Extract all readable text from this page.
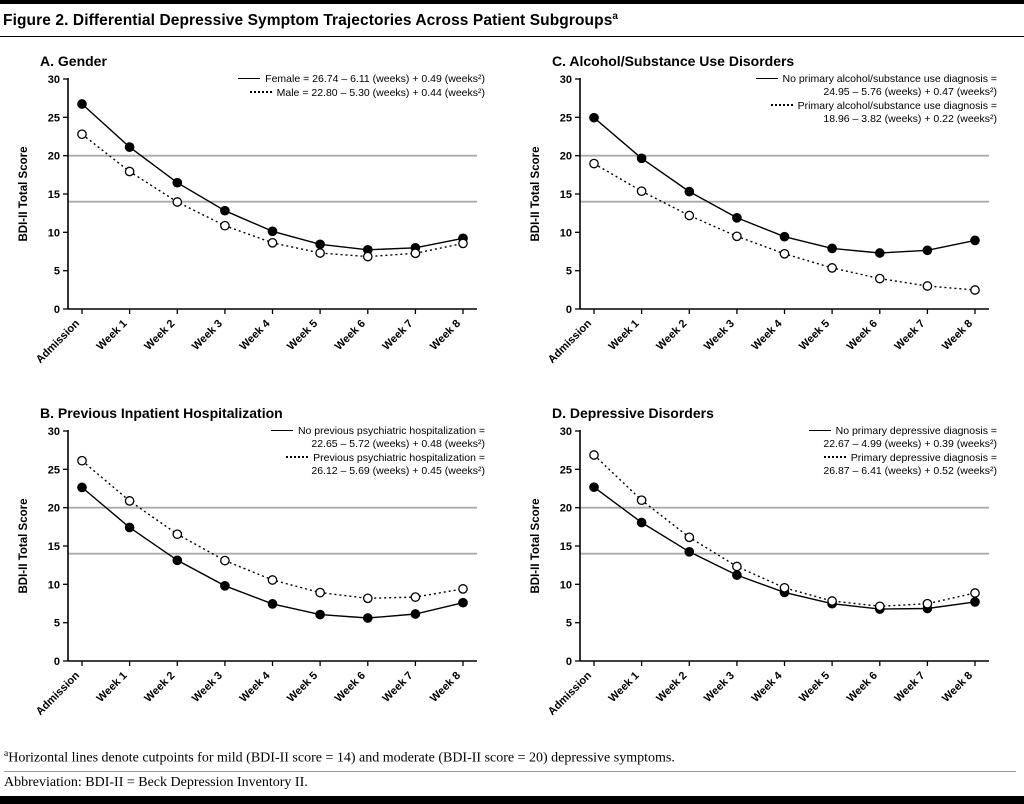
Figure 2. Differential Depressive Symptom Trajectories Across Patient Subgroups$^a$
A. Gender
0
5
10
15
20
25
30
Admission Week 1 Week 2 Week 3 Week 4 Week 5 Week 6 Week 7 Week 8
BDI-II Total Score
Female = 26.74 – 6.11 (weeks) + 0.49 (weeks²)
Male = 22.80 – 5.30 (weeks) + 0.44 (weeks²)
C. Alcohol/Substance Use Disorders
0
5
10
15
20
25
30
Admission Week 1 Week 2 Week 3 Week 4 Week 5 Week 6 Week 7 Week 8
BDI-II Total Score
No primary alcohol/substance use diagnosis =
24.95 – 5.76 (weeks) + 0.47 (weeks²)
Primary alcohol/substance use diagnosis =
18.96 – 3.82 (weeks) + 0.22 (weeks²)
B. Previous Inpatient Hospitalization
0
5
10
15
20
25
30
Admission Week 1 Week 2 Week 3 Week 4 Week 5 Week 6 Week 7 Week 8
BDI-II Total Score
No previous psychiatric hospitalization =
22.65 – 5.72 (weeks) + 0.48 (weeks²)
Previous psychiatric hospitalization =
26.12 – 5.69 (weeks) + 0.45 (weeks²)
D. Depressive Disorders
0
5
10
15
20
25
30
Admission Week 1 Week 2 Week 3 Week 4 Week 5 Week 6 Week 7 Week 8
BDI-II Total Score
No primary depressive diagnosis =
22.67 – 4.99 (weeks) + 0.39 (weeks²)
Primary depressive diagnosis =
26.87 – 6.41 (weeks) + 0.52 (weeks²)

$^a$Horizontal lines denote cutpoints for mild (BDI-II score = 14) and moderate (BDI-II score = 20) depressive symptoms.

Abbreviation: BDI-II = Beck Depression Inventory II.
